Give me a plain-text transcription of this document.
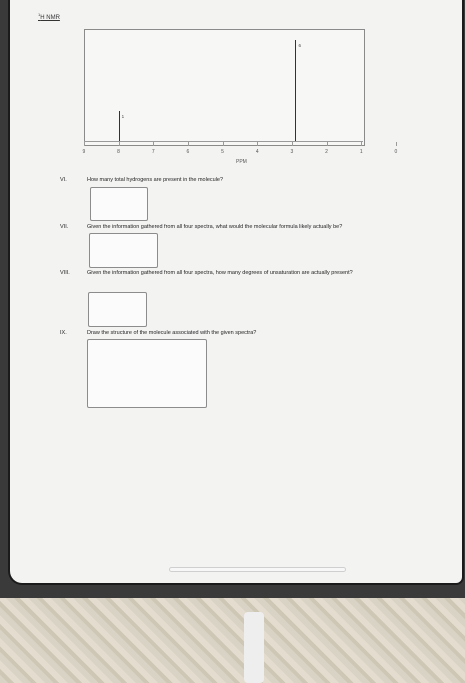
$^1$H NMR
1
6
9	8	7	6	5	4	3	2	1	0
PPM
VI.	How many total hydrogens are present in the molecule?
VII.	Given the information gathered from all four spectra, what would the molecular formula likely actually be?
VIII.	Given the information gathered from all four spectra, how many degrees of unsaturation are actually present?
IX.	Draw the structure of the molecule associated with the given spectra?
